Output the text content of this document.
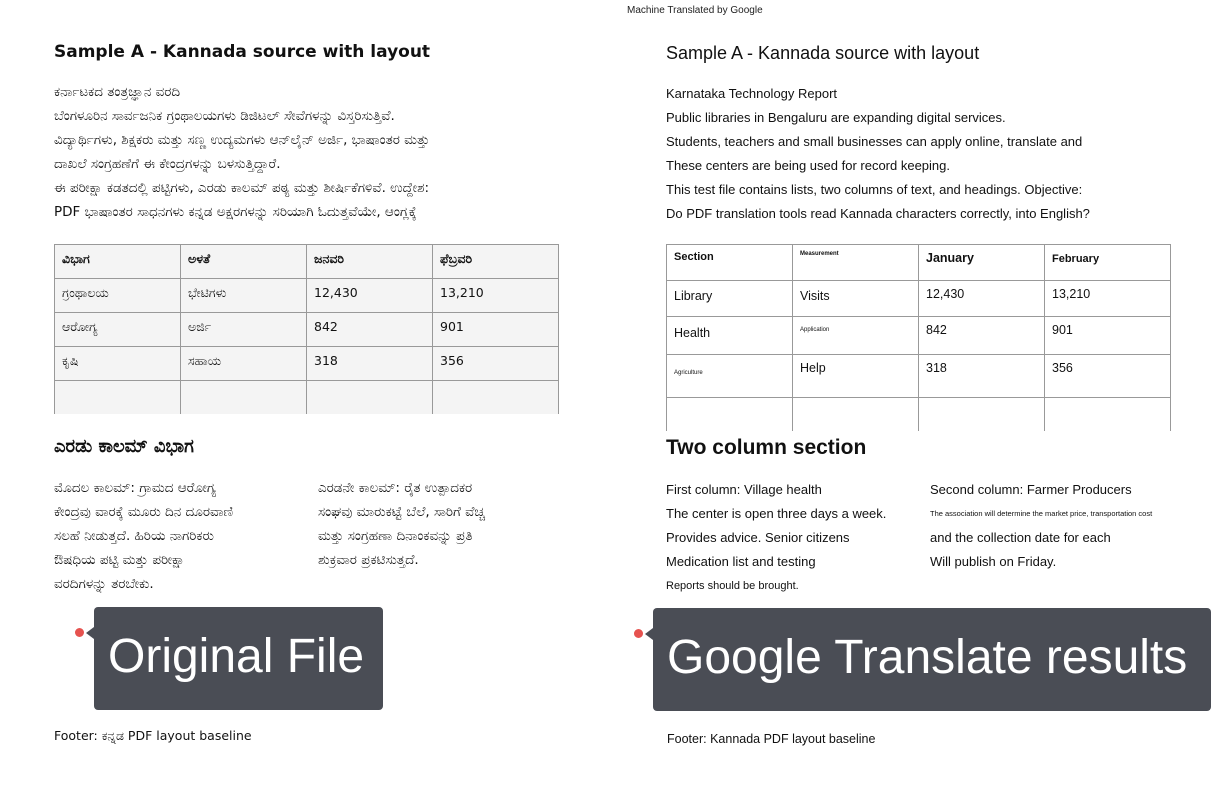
Machine Translated by Google
Sample A - Kannada source with layout
ಕರ್ನಾಟಕದ ತಂತ್ರಜ್ಞಾನ ವರದಿ
ಬೆಂಗಳೂರಿನ ಸಾರ್ವಜನಿಕ ಗ್ರಂಥಾಲಯಗಳು ಡಿಜಿಟಲ್ ಸೇವೆಗಳನ್ನು ವಿಸ್ತರಿಸುತ್ತಿವೆ.
ವಿದ್ಯಾರ್ಥಿಗಳು, ಶಿಕ್ಷಕರು ಮತ್ತು ಸಣ್ಣ ಉದ್ಯಮಗಳು ಆನ್‌ಲೈನ್ ಅರ್ಜಿ, ಭಾಷಾಂತರ ಮತ್ತು
ದಾಖಲೆ ಸಂಗ್ರಹಣೆಗೆ ಈ ಕೇಂದ್ರಗಳನ್ನು ಬಳಸುತ್ತಿದ್ದಾರೆ.
ಈ ಪರೀಕ್ಷಾ ಕಡತದಲ್ಲಿ ಪಟ್ಟಿಗಳು, ಎರಡು ಕಾಲಮ್ ಪಠ್ಯ ಮತ್ತು ಶೀರ್ಷಿಕೆಗಳಿವೆ. ಉದ್ದೇಶ:
PDF ಭಾಷಾಂತರ ಸಾಧನಗಳು ಕನ್ನಡ ಅಕ್ಷರಗಳನ್ನು ಸರಿಯಾಗಿ ಓದುತ್ತವೆಯೇ, ಆಂಗ್ಲಕ್ಕೆ
ವಿಭಾಗ	ಅಳತೆ	ಜನವರಿ	ಫೆಬ್ರವರಿ
ಗ್ರಂಥಾಲಯ	ಭೇಟಿಗಳು	12,430	13,210
ಆರೋಗ್ಯ	ಅರ್ಜಿ	842	901
ಕೃಷಿ	ಸಹಾಯ	318	356

ಎರಡು ಕಾಲಮ್ ವಿಭಾಗ
ಮೊದಲ ಕಾಲಮ್: ಗ್ರಾಮದ ಆರೋಗ್ಯ
ಕೇಂದ್ರವು ವಾರಕ್ಕೆ ಮೂರು ದಿನ ದೂರವಾಣಿ
ಸಲಹೆ ನೀಡುತ್ತದೆ. ಹಿರಿಯ ನಾಗರಿಕರು
ಔಷಧಿಯ ಪಟ್ಟಿ ಮತ್ತು ಪರೀಕ್ಷಾ
ವರದಿಗಳನ್ನು ತರಬೇಕು.
ಎರಡನೇ ಕಾಲಮ್: ರೈತ ಉತ್ಪಾದಕರ
ಸಂಘವು ಮಾರುಕಟ್ಟೆ ಬೆಲೆ, ಸಾರಿಗೆ ವೆಚ್ಚ
ಮತ್ತು ಸಂಗ್ರಹಣಾ ದಿನಾಂಕವನ್ನು ಪ್ರತಿ
ಶುಕ್ರವಾರ ಪ್ರಕಟಿಸುತ್ತದೆ.
Footer: ಕನ್ನಡ PDF layout baseline
Sample A - Kannada source with layout
Karnataka Technology Report
Public libraries in Bengaluru are expanding digital services.
Students, teachers and small businesses can apply online, translate and
These centers are being used for record keeping.
This test file contains lists, two columns of text, and headings. Objective:
Do PDF translation tools read Kannada characters correctly, into English?
Section	Measurement	January	February
Library	Visits	12,430	13,210
Health	Application	842	901
Agriculture	Help	318	356

Two column section
First column: Village health
The center is open three days a week.
Provides advice. Senior citizens
Medication list and testing
Reports should be brought.
Second column: Farmer Producers
The association will determine the market price, transportation cost
and the collection date for each
Will publish on Friday.
Footer: Kannada PDF layout baseline
Original File	Google Translate results
